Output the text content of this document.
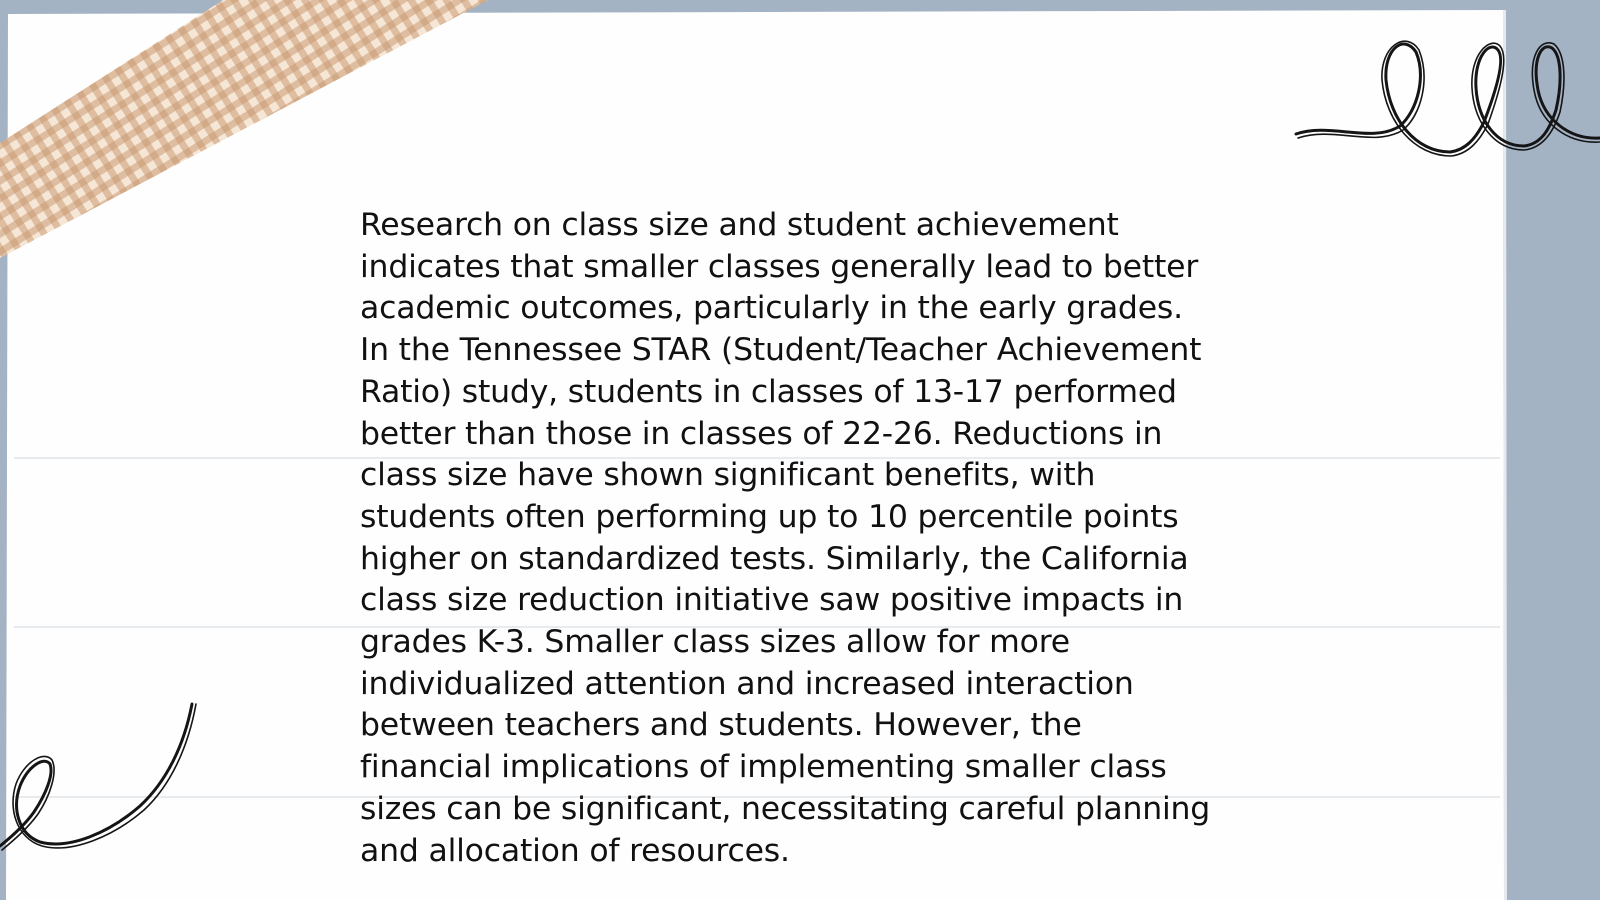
Research on class size and student achievement
indicates that smaller classes generally lead to better
academic outcomes, particularly in the early grades.
In the Tennessee STAR (Student/Teacher Achievement
Ratio) study, students in classes of 13-17 performed
better than those in classes of 22-26. Reductions in
class size have shown significant benefits, with
students often performing up to 10 percentile points
higher on standardized tests. Similarly, the California
class size reduction initiative saw positive impacts in
grades K-3. Smaller class sizes allow for more
individualized attention and increased interaction
between teachers and students. However, the
financial implications of implementing smaller class
sizes can be significant, necessitating careful planning
and allocation of resources.
